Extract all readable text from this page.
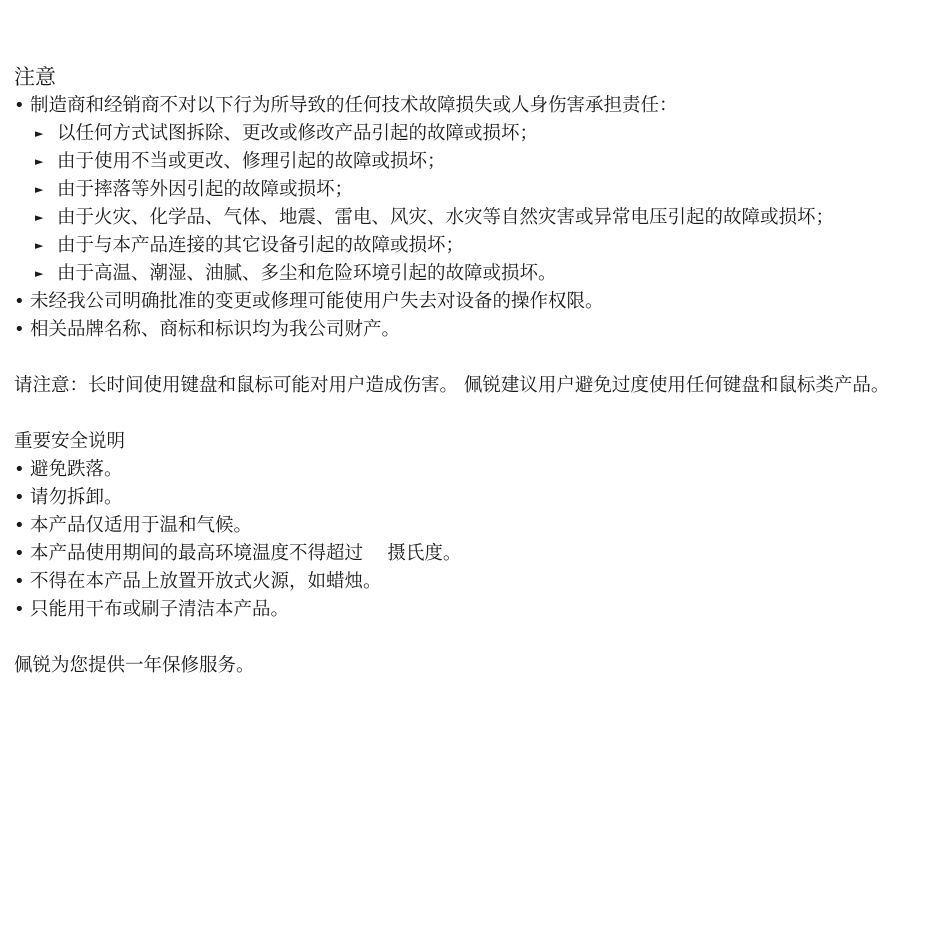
注意
• 制造商和经销商不对以下行为所导致的任何技术故障损失或人身伤害承担责任：
► 以任何方式试图拆除、更改或修改产品引起的故障或损坏；
► 由于使用不当或更改、修理引起的故障或损坏；
► 由于摔落等外因引起的故障或损坏；
► 由于火灾、化学品、气体、地震、雷电、风灾、水灾等自然灾害或异常电压引起的故障或损坏；
► 由于与本产品连接的其它设备引起的故障或损坏；
► 由于高温、潮湿、油腻、多尘和危险环境引起的故障或损坏。
• 未经我公司明确批准的变更或修理可能使用户失去对设备的操作权限。
• 相关品牌名称、商标和标识均为我公司财产。

请注意：长时间使用键盘和鼠标可能对用户造成伤害。 佩锐建议用户避免过度使用任何键盘和鼠标类产品。

重要安全说明
• 避免跌落。
• 请勿拆卸。
• 本产品仅适用于温和气候。
• 本产品使用期间的最高环境温度不得超过　 摄氏度。
• 不得在本产品上放置开放式火源，如蜡烛。
• 只能用干布或刷子清洁本产品。
佩锐为您提供一年保修服务。
